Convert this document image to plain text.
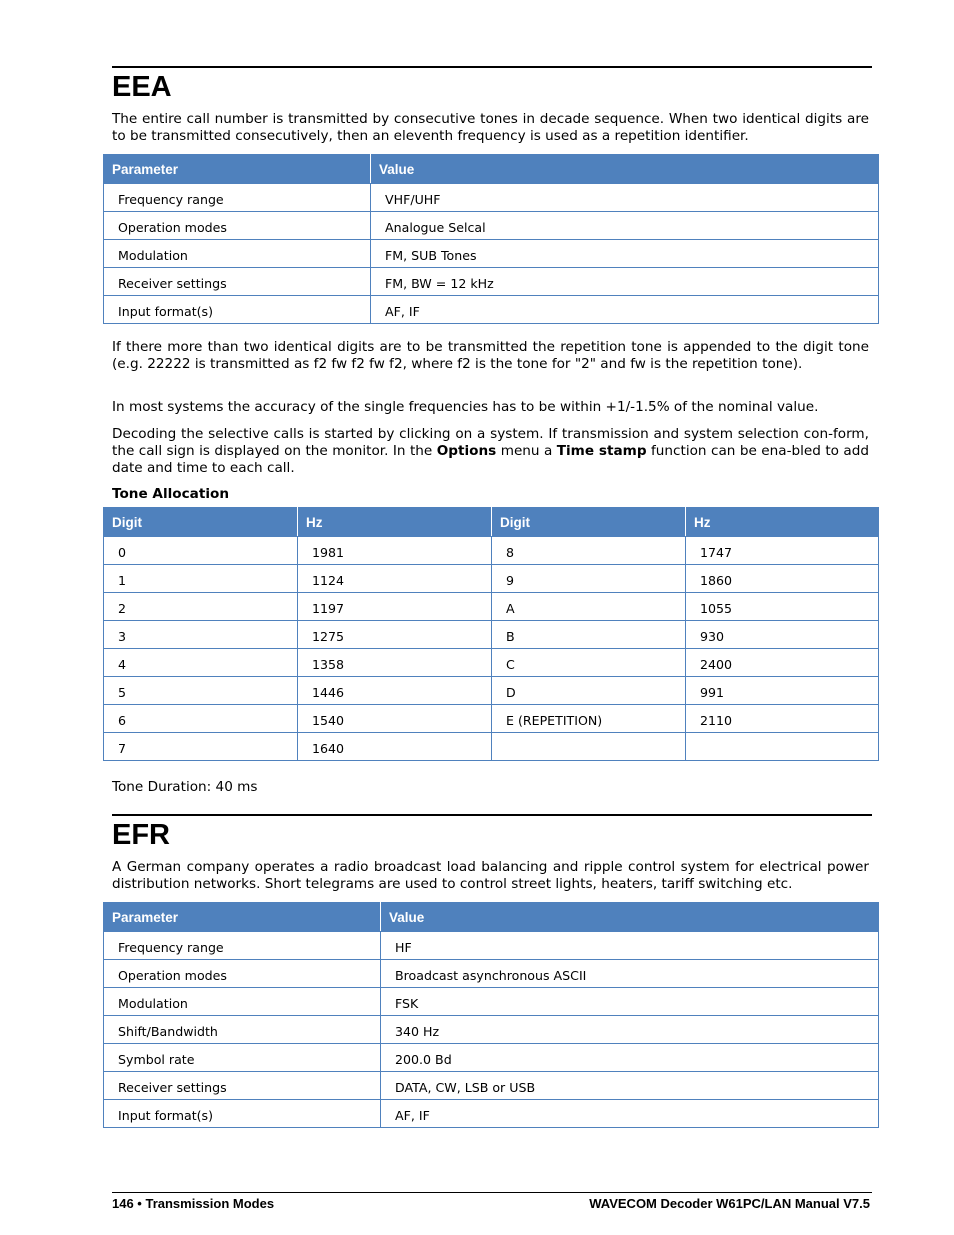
EEA

The entire call number is transmitted by consecutive tones in decade sequence. When two identical digits are to be transmitted consecutively, then an eleventh frequency is used as a repetition identifier.

Parameter	Value
Frequency range	VHF/UHF
Operation modes	Analogue Selcal
Modulation	FM, SUB Tones
Receiver settings	FM, BW = 12 kHz
Input format(s)	AF, IF

If there more than two identical digits are to be transmitted the repetition tone is appended to the digit tone (e.g. 22222 is transmitted as f2 fw f2 fw f2, where f2 is the tone for "2" and fw is the repetition tone).

In most systems the accuracy of the single frequencies has to be within +1/-1.5% of the nominal value.

Decoding the selective calls is started by clicking on a system. If transmission and system selection con-form, the call sign is displayed on the monitor. In the Options menu a Time stamp function can be ena-bled to add date and time to each call.

Tone Allocation

Digit	Hz	Digit	Hz
0	1981	8	1747
1	1124	9	1860
2	1197	A	1055
3	1275	B	930
4	1358	C	2400
5	1446	D	991
6	1540	E (REPETITION)	2110
7	1640		

Tone Duration: 40 ms

EFR

A German company operates a radio broadcast load balancing and ripple control system for electrical power distribution networks. Short telegrams are used to control street lights, heaters, tariff switching etc.

Parameter	Value
Frequency range	HF
Operation modes	Broadcast asynchronous ASCII
Modulation	FSK
Shift/Bandwidth	340 Hz
Symbol rate	200.0 Bd
Receiver settings	DATA, CW, LSB or USB
Input format(s)	AF, IF

146 • Transmission Modes	WAVECOM Decoder W61PC/LAN Manual V7.5
